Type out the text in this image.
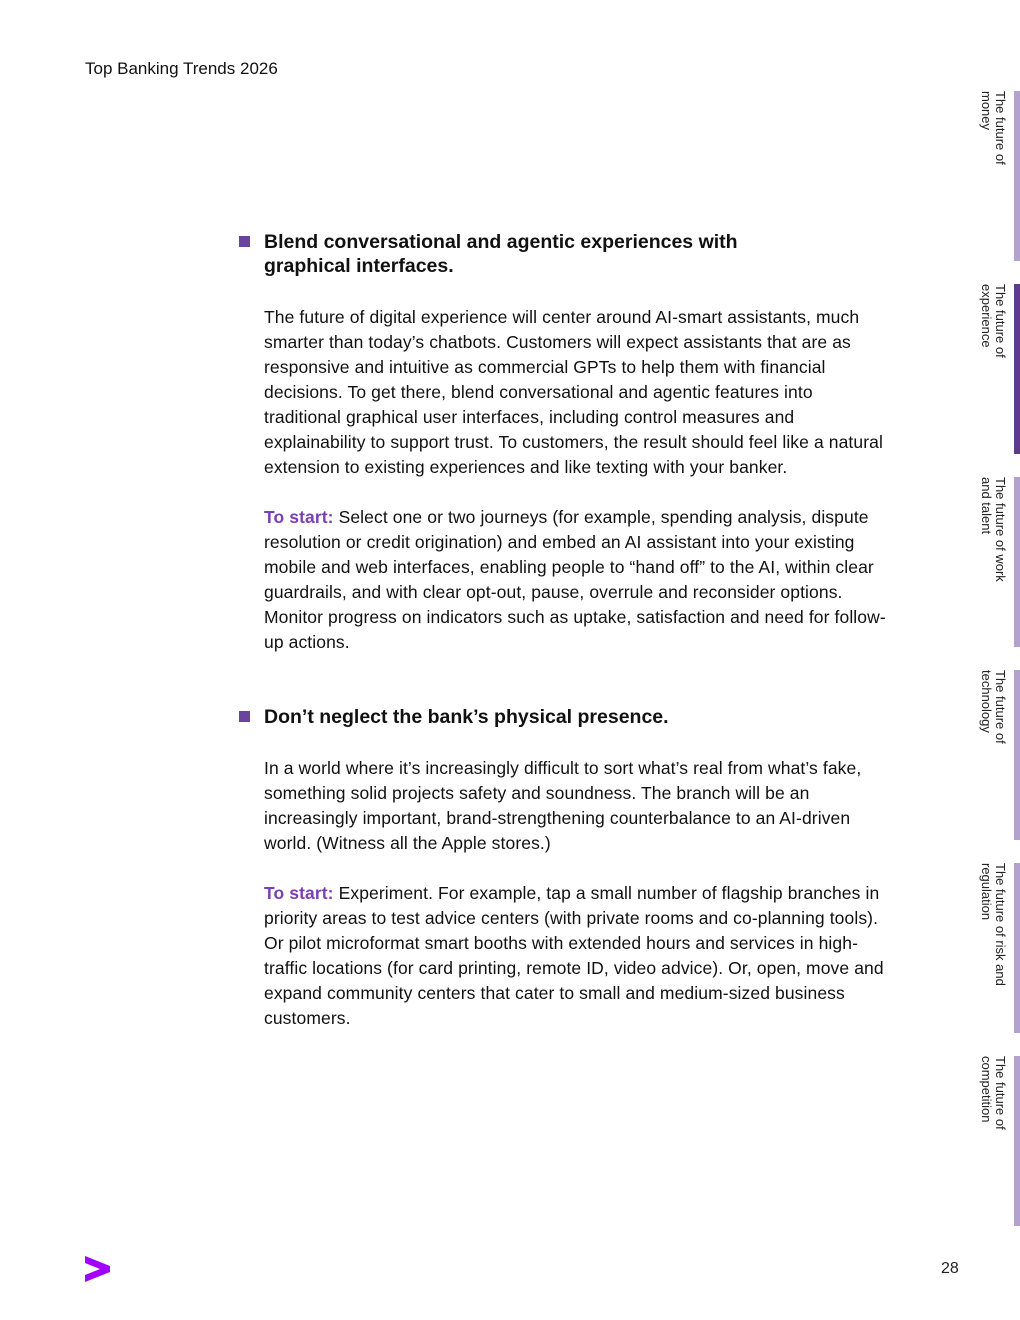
Top Banking Trends 2026
Blend conversational and agentic experiences with graphical interfaces.

The future of digital experience will center around AI-smart assistants, much smarter than today’s chatbots. Customers will expect assistants that are as responsive and intuitive as commercial GPTs to help them with financial decisions. To get there, blend conversational and agentic features into traditional graphical user interfaces, including control measures and explainability to support trust. To customers, the result should feel like a natural extension to existing experiences and like texting with your banker.

To start: Select one or two journeys (for example, spending analysis, dispute resolution or credit origination) and embed an AI assistant into your existing mobile and web interfaces, enabling people to “hand off” to the AI, within clear guardrails, and with clear opt-out, pause, overrule and reconsider options. Monitor progress on indicators such as uptake, satisfaction and need for follow-up actions.

Don’t neglect the bank’s physical presence.

In a world where it’s increasingly difficult to sort what’s real from what’s fake, something solid projects safety and soundness. The branch will be an increasingly important, brand-strengthening counterbalance to an AI-driven world. (Witness all the Apple stores.)

To start: Experiment. For example, tap a small number of flagship branches in priority areas to test advice centers (with private rooms and co-planning tools). Or pilot microformat smart booths with extended hours and services in high-traffic locations (for card printing, remote ID, video advice). Or, open, move and expand community centers that cater to small and medium-sized business customers.

The future of money
The future of experience
The future of work and talent
The future of technology
The future of risk and regulation
The future of competition
28
